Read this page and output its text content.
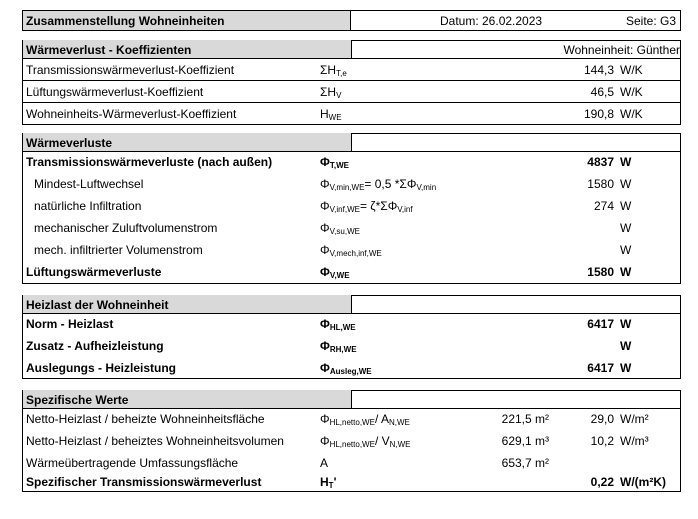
Zusammenstellung Wohneinheiten	Datum: 26.02.2023	Seite: G3
Wärmeverlust - Koeffizienten	Wohneinheit: Günther
Transmissionswärmeverlust-Koeffizient	$\Sigma H_{T,e}$	144,3 W/K
Lüftungswärmeverlust-Koeffizient	$\Sigma H_V$	46,5 W/K
Wohneinheits-Wärmeverlust-Koeffizient	$H_{WE}$	190,8 W/K
Wärmeverluste
Transmissionswärmeverluste (nach außen)	$\Phi_{T,WE}$	4837 W
Mindest-Luftwechsel	$\Phi_{V,min,WE}= 0,5$ $*\Sigma\Phi_{V,min}$	1580 W
natürliche Infiltration	$\Phi_{V,inf,WE}= \zeta*\Sigma\Phi_{V,inf}$	274 W
mechanischer Zuluftvolumenstrom	$\Phi_{V,su,WE}$	W
mech. infiltrierter Volumenstrom	$\Phi_{V,mech,inf,WE}$	W
Lüftungswärmeverluste	$\Phi_{V,WE}$	1580 W
Heizlast der Wohneinheit
Norm - Heizlast	$\Phi_{HL,WE}$	6417 W
Zusatz - Aufheizleistung	$\Phi_{RH,WE}$	W
Auslegungs - Heizleistung	$\Phi_{Ausleg,WE}$	6417 W
Spezifische Werte
Netto-Heizlast / beheizte Wohneinheitsfläche	$\Phi_{HL,netto,WE}/$ $A_{N,WE}$	221,5 m²	29,0 W/m²
Netto-Heizlast / beheiztes Wohneinheitsvolumen	$\Phi_{HL,netto,WE}/$ $V_{N,WE}$	629,1 m³	10,2 W/m³
Wärmeübertragende Umfassungsfläche	A	653,7 m²
Spezifischer Transmissionswärmeverlust	$H_T'$	0,22 W/(m²K)
